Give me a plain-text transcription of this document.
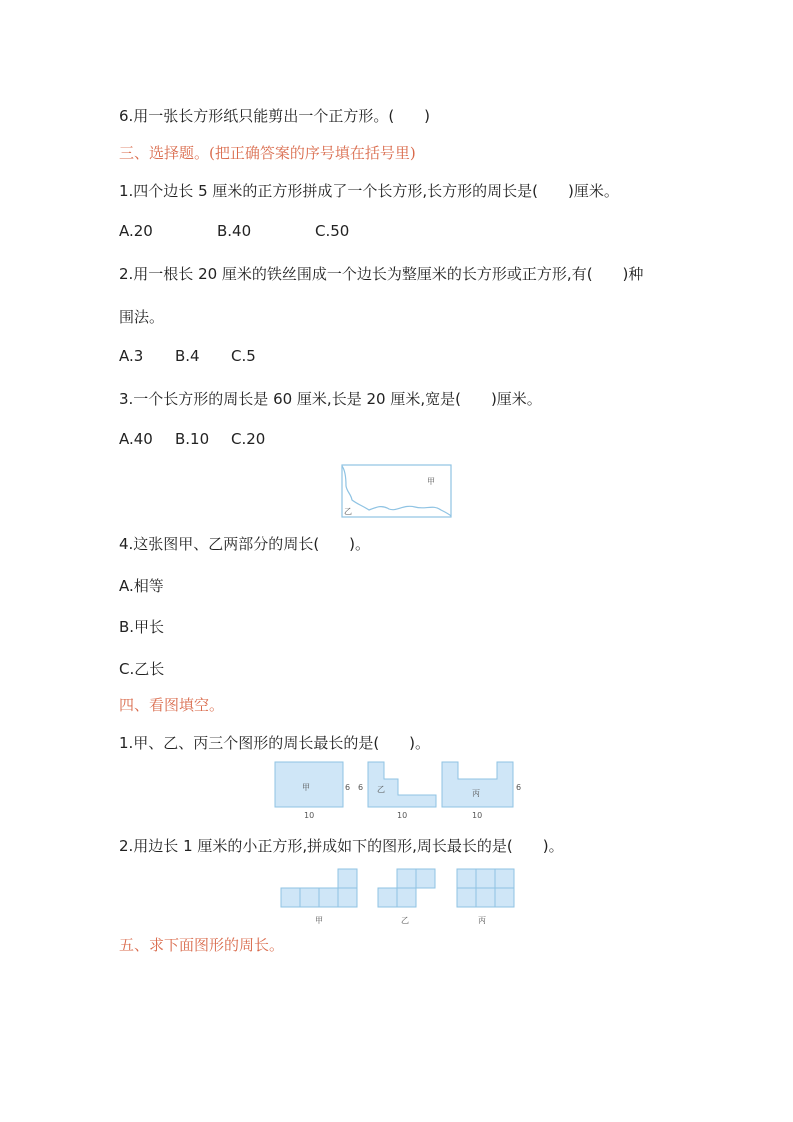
6.用一张长方形纸只能剪出一个正方形。(　　)
三、选择题。(把正确答案的序号填在括号里)
1.四个边长 5 厘米的正方形拼成了一个长方形,长方形的周长是(　　)厘米。
A.20	B.40	C.50
2.用一根长 20 厘米的铁丝围成一个边长为整厘米的长方形或正方形,有(　　)种
围法。
A.3 B.4 C.5
3.一个长方形的周长是 60 厘米,长是 20 厘米,宽是(　　)厘米。
A.40 B.10 C.20
甲
乙
4.这张图甲、乙两部分的周长(　　)。
A.相等
B.甲长
C.乙长
四、看图填空。
1.甲、乙、丙三个图形的周长最长的是(　　)。
甲	6
10
6 乙
10
丙
6
10
2.用边长 1 厘米的小正方形,拼成如下的图形,周长最长的是(　　)。
甲	乙	丙
五、求下面图形的周长。
